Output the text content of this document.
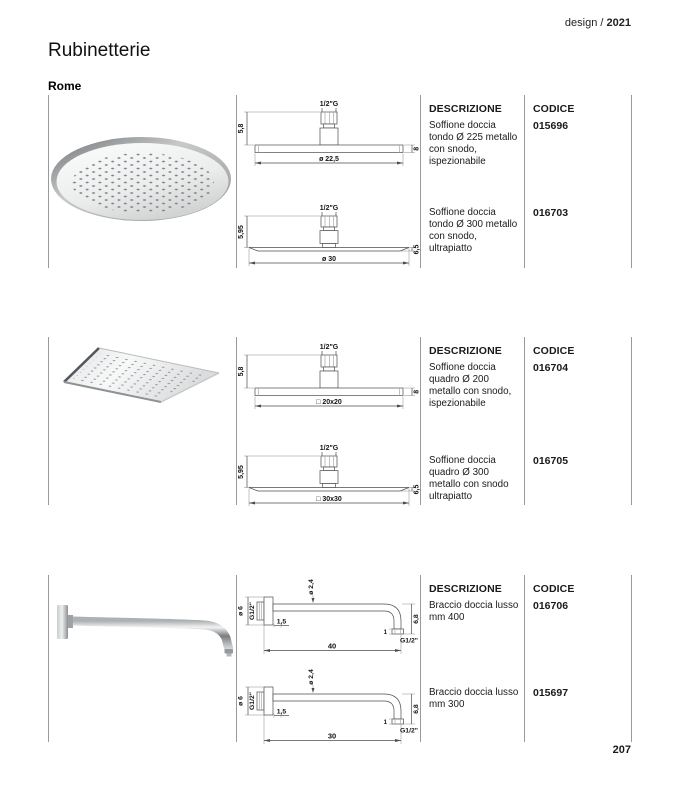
design / 2021
Rubinetterie
Rome
1/2"G
5,8
8
ø 22,5
1/2"G
5,95
6,5
ø 30
DESCRIZIONE

Soffione doccia tondo Ø 225 metallo con snodo, ispezionabile

Soffione doccia tondo Ø 300 metallo con snodo, ultrapiatto

CODICE

015696

016703

1/2"G
5,8
8
□ 20x20
1/2"G
5,95
6,5
□ 30x30
DESCRIZIONE

Soffione doccia quadro Ø 200 metallo con snodo, ispezionabile

Soffione doccia quadro Ø 300 metallo con snodo ultrapiatto

CODICE

016704

016705

ø 2,4
ø 6 G1/2"
1,5
40
6,8
1
G1/2"
ø 2,4
ø 6 G1/2"
1,5
30
6,8
1
G1/2"
DESCRIZIONE

Braccio doccia lusso mm 400

Braccio doccia lusso mm 300

CODICE

016706

015697

207
